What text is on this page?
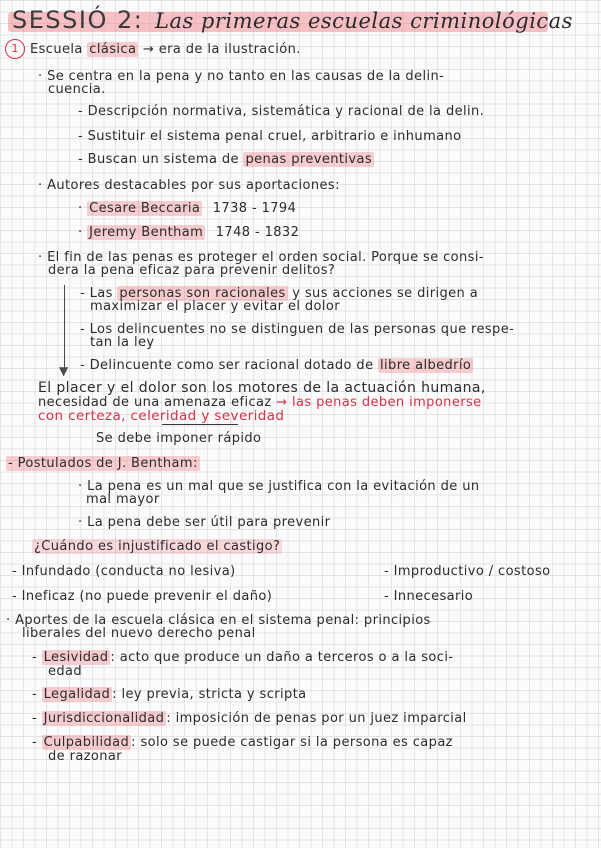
SESSIÓ 2: Las primeras escuelas criminológicas
1 Escuela clásica → era de la ilustración.
· Se centra en la pena y no tanto en las causas de la delin-
cuencia.
- Descripción normativa, sistemática y racional de la delin.
- Sustituir el sistema penal cruel, arbitrario e inhumano
- Buscan un sistema de penas preventivas
· Autores destacables por sus aportaciones:
· Cesare Beccaria 1738 - 1794
· Jeremy Bentham 1748 - 1832
· El fin de las penas es proteger el orden social. Porque se consi-
dera la pena eficaz para prevenir delitos?
▼
- Las personas son racionales y sus acciones se dirigen a
maximizar el placer y evitar el dolor
- Los delincuentes no se distinguen de las personas que respe-
tan la ley
- Delincuente como ser racional dotado de libre albedrío
El placer y el dolor son los motores de la actuación humana,
necesidad de una amenaza eficaz → las penas deben imponerse
con certeza, celeridad y severidad
Se debe imponer rápido
- Postulados de J. Bentham:
· La pena es un mal que se justifica con la evitación de un
mal mayor
· La pena debe ser útil para prevenir
¿Cuándo es injustificado el castigo?
- Infundado (conducta no lesiva)	- Improductivo / costoso
- Ineficaz (no puede prevenir el daño)	- Innecesario
· Aportes de la escuela clásica en el sistema penal: principios
liberales del nuevo derecho penal
- Lesividad : acto que produce un daño a terceros o a la soci-
edad
- Legalidad : ley previa, stricta y scripta
- Jurisdiccionalidad : imposición de penas por un juez imparcial
- Culpabilidad : solo se puede castigar si la persona es capaz
de razonar
